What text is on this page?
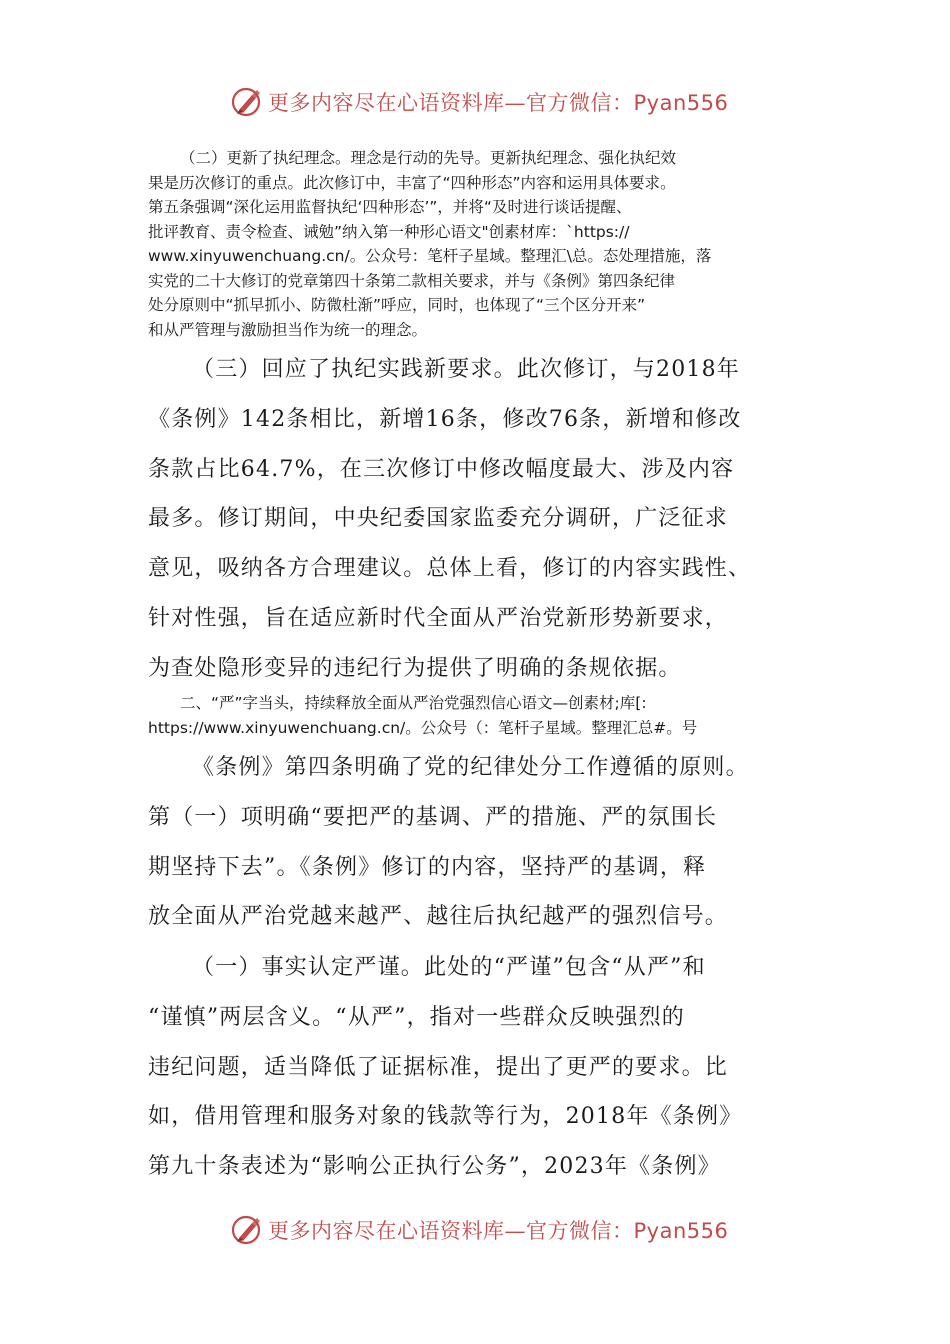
更多内容尽在心语资料库—官方微信：Pyan556
（二）更新了执纪理念。理念是行动的先导。更新执纪理念、强化执纪效
果是历次修订的重点。此次修订中，丰富了“四种形态”内容和运用具体要求。
第五条强调“深化运用监督执纪‘四种形态’”，并将“及时进行谈话提醒、
批评教育、责令检查、诫勉”纳入第一种形心语文"创素材库：`https://
www.xinyuwenchuang.cn/。公众号：笔杆子星域。整理汇\总。态处理措施，落
实党的二十大修订的党章第四十条第二款相关要求，并与《条例》第四条纪律
处分原则中“抓早抓小、防微杜渐”呼应，同时，也体现了“三个区分开来”
和从严管理与激励担当作为统一的理念。
（三）回应了执纪实践新要求。此次修订，与2018年
《条例》142条相比，新增16条，修改76条，新增和修改
条款占比64.7%，在三次修订中修改幅度最大、涉及内容
最多。修订期间，中央纪委国家监委充分调研，广泛征求
意见，吸纳各方合理建议。总体上看，修订的内容实践性、
针对性强，旨在适应新时代全面从严治党新形势新要求，
为查处隐形变异的违纪行为提供了明确的条规依据。
二、“严”字当头，持续释放全面从严治党强烈信心语文—创素材;库[:
https://www.xinyuwenchuang.cn/。公众号（：笔杆子星域。整理汇总#。号
《条例》第四条明确了党的纪律处分工作遵循的原则。
第（一）项明确“要把严的基调、严的措施、严的氛围长
期坚持下去”。《条例》修订的内容，坚持严的基调，释
放全面从严治党越来越严、越往后执纪越严的强烈信号。
（一）事实认定严谨。此处的“严谨”包含“从严”和
“谨慎”两层含义。“从严”，指对一些群众反映强烈的
违纪问题，适当降低了证据标准，提出了更严的要求。比
如，借用管理和服务对象的钱款等行为，2018年《条例》
第九十条表述为“影响公正执行公务”，2023年《条例》
更多内容尽在心语资料库—官方微信：Pyan556
